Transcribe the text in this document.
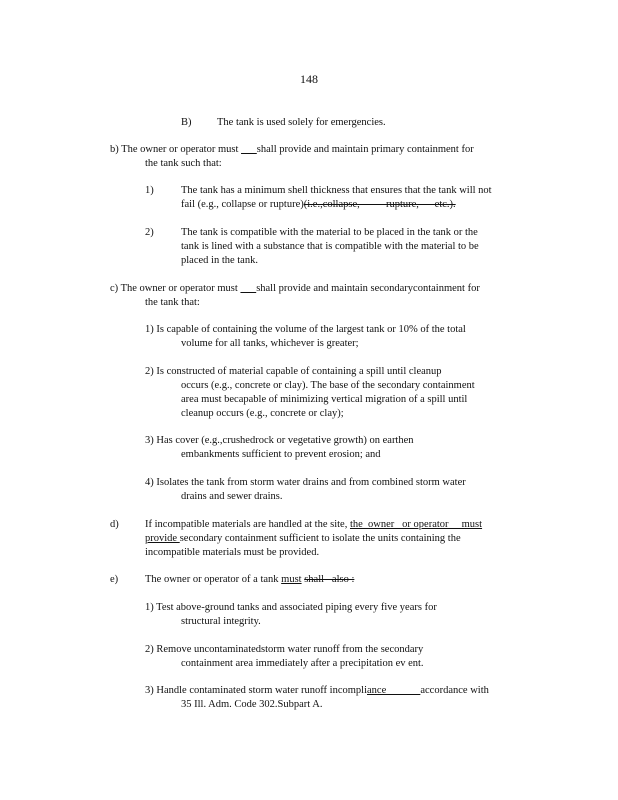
148
B) The tank is used solely for emergencies.
b) The owner or operator must shall provide and maintain primary containment for
the tank such that:
1)	The tank has a minimum shell thickness that ensures that the tank will not
fail (e.g., collapse or rupture)(i.e.,collapse,          rupture,      etc.).
2)	The tank is compatible with the material to be placed in the tank or the
tank is lined with a substance that is compatible with the material to be
placed in the tank.
c) The owner or operator must shall provide and maintain secondarycontainment for
the tank that:
1) Is capable of containing the volume of the largest tank or 10% of the total
volume for all tanks, whichever is greater;
2) Is constructed of material capable of containing a spill until cleanup
occurs (e.g., concrete or clay). The base of the secondary containment
area must becapable of minimizing vertical migration of a spill until
cleanup occurs (e.g., concrete or clay);
3) Has cover (e.g.,crushedrock or vegetative growth) on earthen
embankments sufficient to prevent erosion; and
4) Isolates the tank from storm water drains and from combined storm water
drains and sewer drains.
d)	If incompatible materials are handled at the site, the  owner   or operator     must
provide secondary containment sufficient to isolate the units containing the
incompatible materials must be provided.
e)	The owner or operator of a tank must shall   also :
1) Test above-ground tanks and associated piping every five years for
structural integrity.
2) Remove uncontaminatedstorm water runoff from the secondary
containment area immediately after a precipitation ev ent.
3) Handle contaminated storm water runoff incompliance             accordance with
35 Ill. Adm. Code 302.Subpart A.
